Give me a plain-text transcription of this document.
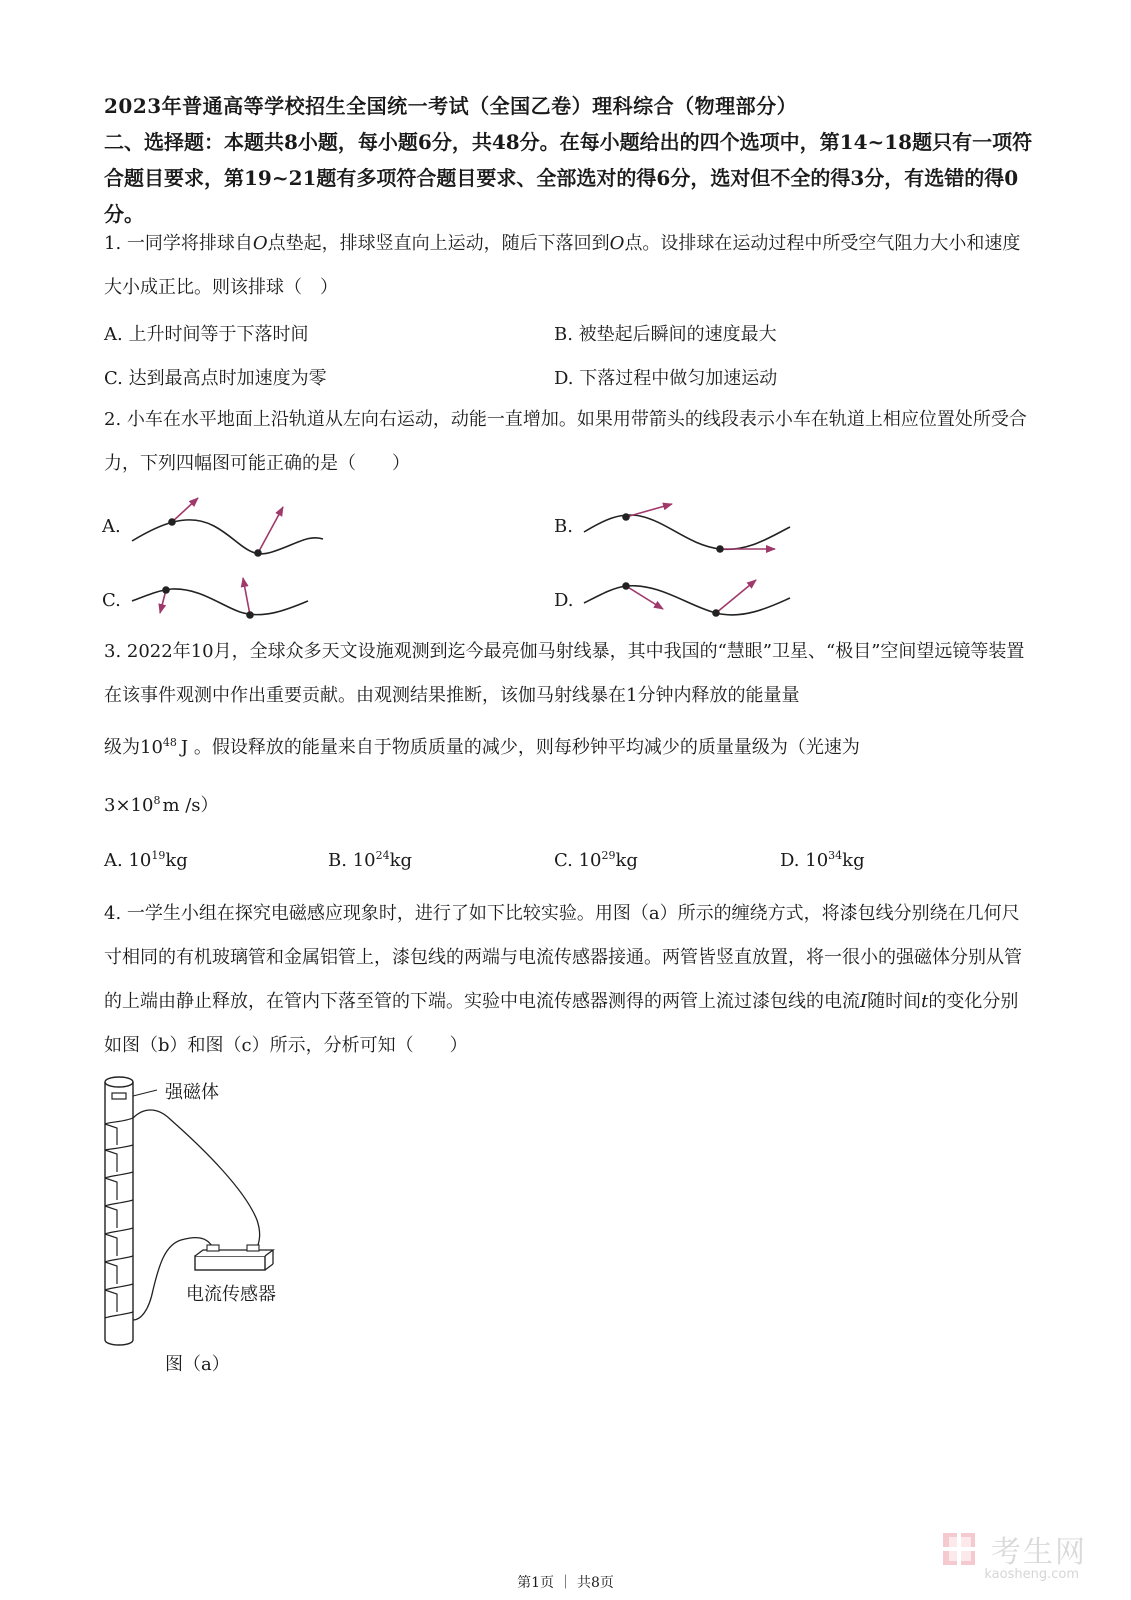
2023年普通高等学校招生全国统一考试（全国乙卷）理科综合（物理部分）
二、选择题：本题共8小题，每小题6分，共48分。在每小题给出的四个选项中，第14~18题只有一项符合题目要求，第19~21题有多项符合题目要求、全部选对的得6分，选对但不全的得3分，有选错的得0分。
1. 一同学将排球自O点垫起，排球竖直向上运动，随后下落回到O点。设排球在运动过程中所受空气阻力大小和速度大小成正比。则该排球（　）
A. 上升时间等于下落时间	B. 被垫起后瞬间的速度最大
C. 达到最高点时加速度为零	D. 下落过程中做匀加速运动
2. 小车在水平地面上沿轨道从左向右运动，动能一直增加。如果用带箭头的线段表示小车在轨道上相应位置处所受合力，下列四幅图可能正确的是（　　）
A.	B.
C.	D.
3. 2022年10月，全球众多天文设施观测到迄今最亮伽马射线暴，其中我国的“慧眼”卫星、“极目”空间望远镜等装置在该事件观测中作出重要贡献。由观测结果推断，该伽马射线暴在1分钟内释放的能量量
级为$10^{48}$ J 。假设释放的能量来自于物质质量的减少，则每秒钟平均减少的质量量级为（光速为
$3\times 10^8$ m /s）
A. $10^{19}kg$	B. $10^{24}kg$	C. $10^{29}kg$	D. $10^{34}kg$
4. 一学生小组在探究电磁感应现象时，进行了如下比较实验。用图（a）所示的缠绕方式，将漆包线分别绕在几何尺寸相同的有机玻璃管和金属铝管上，漆包线的两端与电流传感器接通。两管皆竖直放置，将一很小的强磁体分别从管的上端由静止释放，在管内下落至管的下端。实验中电流传感器测得的两管上流过漆包线的电流I随时间t的变化分别如图（b）和图（c）所示，分析可知（　　）
强磁体
电流传感器
图（a）
考生网
kaosheng.com
第1页 ｜ 共8页
